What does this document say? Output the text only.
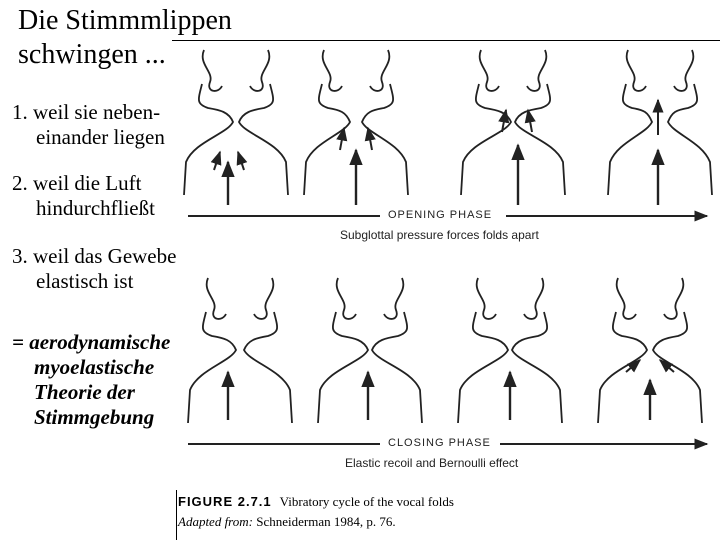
Die Stimmmlippen
schwingen ...
1. weil sie neben-
einander liegen
2. weil die Luft
hindurchfließt
3. weil das Gewebe
elastisch ist
= aerodynamische
myoelastische
Theorie der
Stimmgebung
OPENING PHASE
Subglottal pressure forces folds apart
CLOSING PHASE
Elastic recoil and Bernoulli effect
FIGURE 2.7.1 Vibratory cycle of the vocal folds
Adapted from: Schneiderman 1984, p. 76.
